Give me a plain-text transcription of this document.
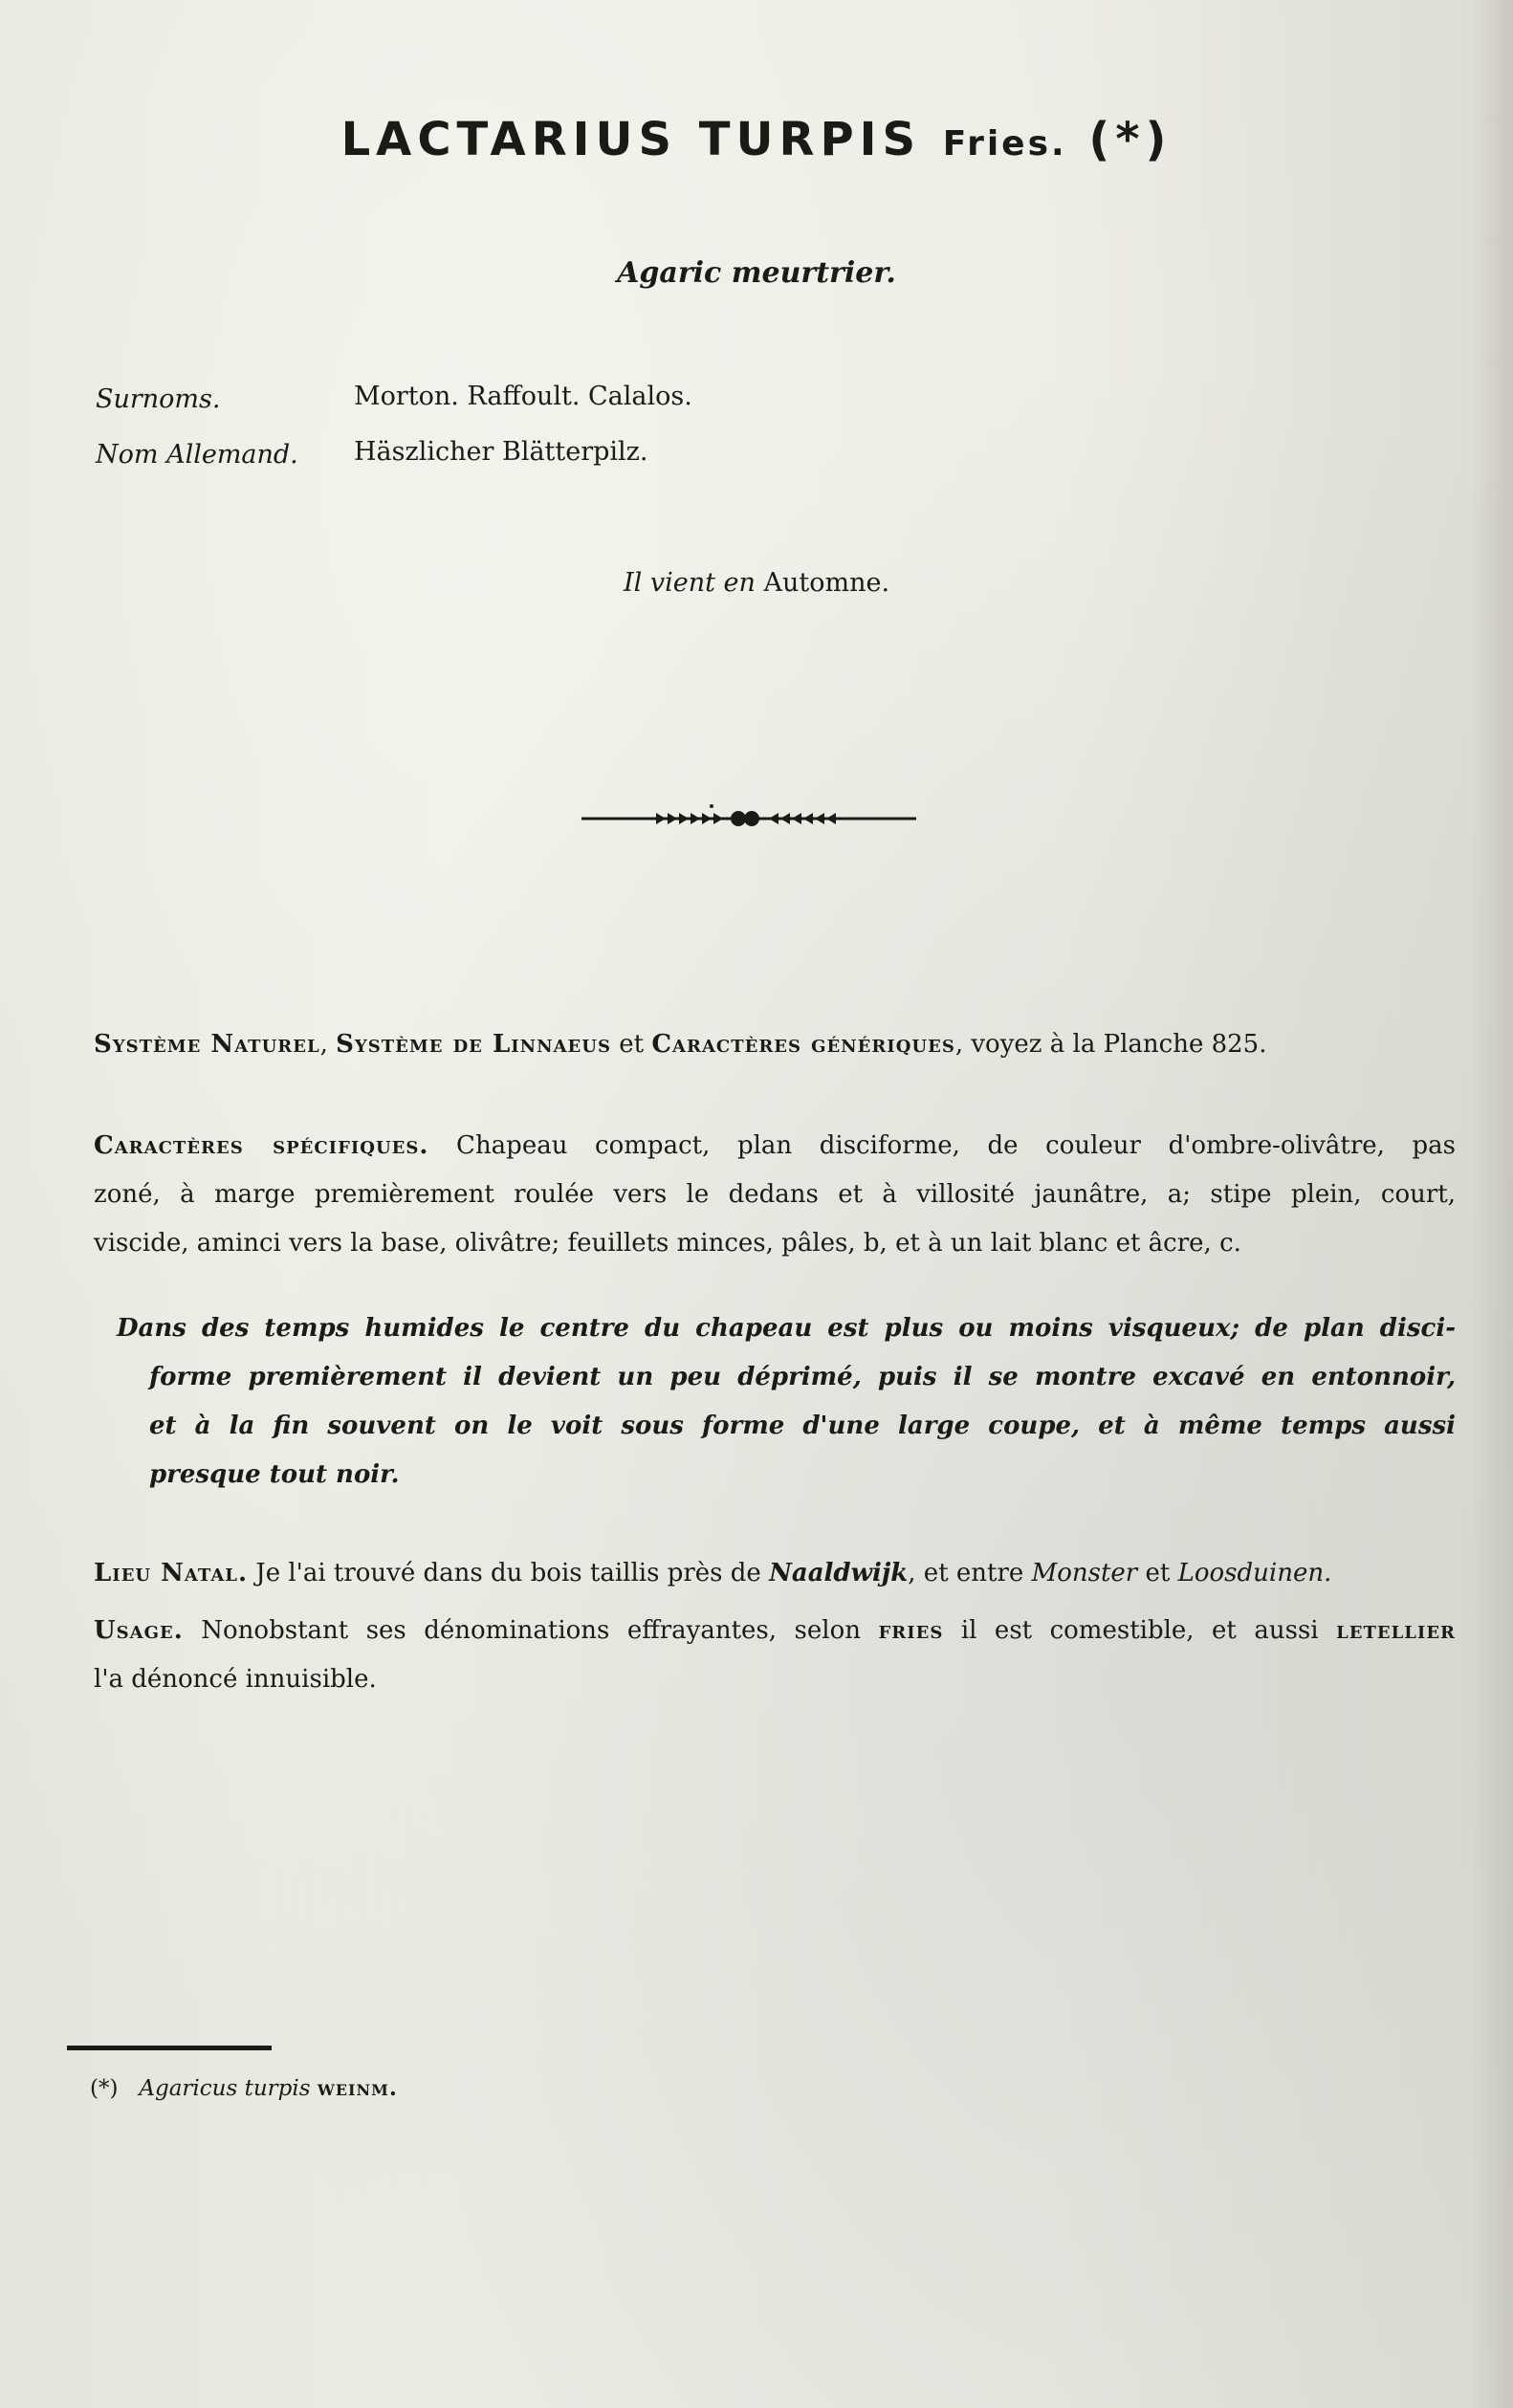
LACTARIUS TURPIS Fries. (*)
Agaric meurtrier.
Surnoms.	Morton. Raffoult. Calalos.
Nom Allemand. Häszlicher Blätterpilz.
Il vient en Automne.
Système Naturel, Système de Linnaeus et Caractères génériques, voyez à la Planche 825.
Caractères spécifiques. Chapeau compact, plan disciforme, de couleur d'ombre-olivâtre, pas
zoné, à marge premièrement roulée vers le dedans et à villosité jaunâtre, a; stipe plein, court,
viscide, aminci vers la base, olivâtre; feuillets minces, pâles, b, et à un lait blanc et âcre, c.
Dans des temps humides le centre du chapeau est plus ou moins visqueux; de plan disci-
forme premièrement il devient un peu déprimé, puis il se montre excavé en entonnoir,
et à la fin souvent on le voit sous forme d'une large coupe, et à même temps aussi
presque tout noir.
Lieu Natal. Je l'ai trouvé dans du bois taillis près de Naaldwijk, et entre Monster et Loosduinen.
Usage. Nonobstant ses dénominations effrayantes, selon fries il est comestible, et aussi letellier
l'a dénoncé innuisible.
(*) Agaricus turpis weinm.
